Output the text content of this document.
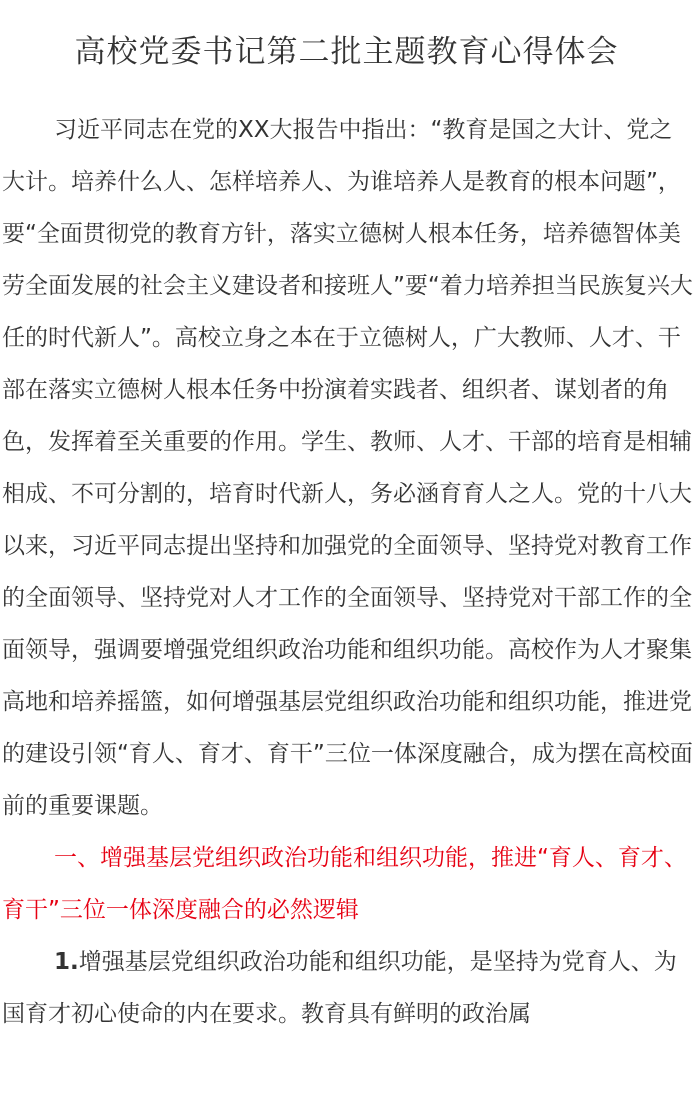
高校党委书记第二批主题教育心得体会

习近平同志在党的XX大报告中指出：“教育是国之大计、党之大计。培养什么人、怎样培养人、为谁培养人是教育的根本问题”，要“全面贯彻党的教育方针，落实立德树人根本任务，培养德智体美劳全面发展的社会主义建设者和接班人”要“着力培养担当民族复兴大任的时代新人”。高校立身之本在于立德树人，广大教师、人才、干部在落实立德树人根本任务中扮演着实践者、组织者、谋划者的角色，发挥着至关重要的作用。学生、教师、人才、干部的培育是相辅相成、不可分割的，培育时代新人，务必涵育育人之人。党的十八大以来，习近平同志提出坚持和加强党的全面领导、坚持党对教育工作的全面领导、坚持党对人才工作的全面领导、坚持党对干部工作的全面领导，强调要增强党组织政治功能和组织功能。高校作为人才聚集高地和培养摇篮，如何增强基层党组织政治功能和组织功能，推进党的建设引领“育人、育才、育干”三位一体深度融合，成为摆在高校面前的重要课题。

一、增强基层党组织政治功能和组织功能，推进“育人、育才、育干”三位一体深度融合的必然逻辑

1.增强基层党组织政治功能和组织功能，是坚持为党育人、为国育才初心使命的内在要求。教育具有鲜明的政治属
